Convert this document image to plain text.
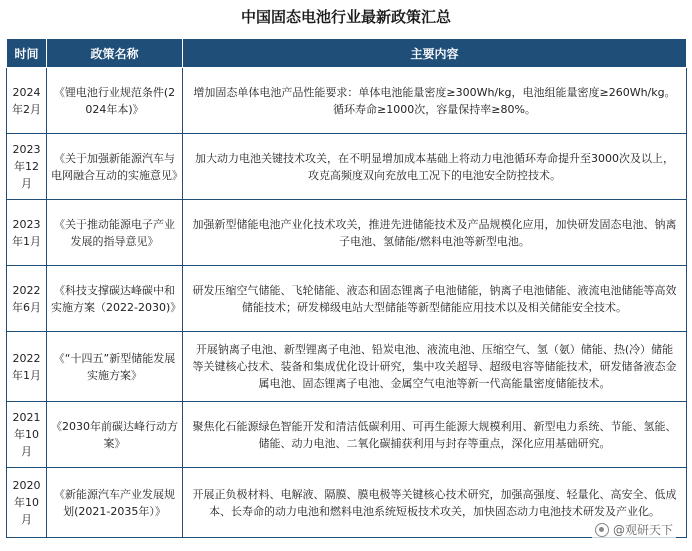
中国固态电池行业最新政策汇总
时间	政策名称	主要内容
2024年2月	《锂电池行业规范条件(2024年本)》	增加固态单体电池产品性能要求：单体电池能量密度≥300Wh/kg，电池组能量密度≥260Wh/kg。循环寿命≥1000次，容量保持率≥80%。
2023年12月	《关于加强新能源汽车与电网融合互动的实施意见》	加大动力电池关键技术攻关，在不明显增加成本基础上将动力电池循环寿命提升至3000次及以上，攻克高频度双向充放电工况下的电池安全防控技术。
2023年1月	《关于推动能源电子产业发展的指导意见》	加强新型储能电池产业化技术攻关，推进先进储能技术及产品规模化应用，加快研发固态电池、钠离子电池、氢储能/燃料电池等新型电池。
2022年6月	《科技支撑碳达峰碳中和实施方案（2022-2030)》	研发压缩空气储能、飞轮储能、液态和固态锂离子电池储能，钠离子电池储能、液流电池储能等高效储能技术；研发梯级电站大型储能等新型储能应用技术以及相关储能安全技术。
2022年1月	《“十四五”新型储能发展实施方案》	开展钠离子电池、新型锂离子电池、铅炭电池、液流电池、压缩空气、氢（氨）储能、热(冷）储能等关键核心技术、装备和集成优化设计研究，集中攻关超导、超级电容等储能技术，研发储备液态金属电池、固态锂离子电池、金属空气电池等新一代高能量密度储能技术。
2021年10月	《2030年前碳达峰行动方案》	聚焦化石能源绿色智能开发和清洁低碳利用、可再生能源大规模利用、新型电力系统、节能、氢能、储能、动力电池、二氧化碳捕获利用与封存等重点，深化应用基础研究。
2020年10月	《新能源汽车产业发展规划(2021-2035年）》	开展正负极材料、电解液、隔膜、膜电极等关键核心技术研究，加强高强度、轻量化、高安全、低成本、长寿命的动力电池和燃料电池系统短板技术攻关，加快固态动力电池技术研发及产业化。
@观研天下
